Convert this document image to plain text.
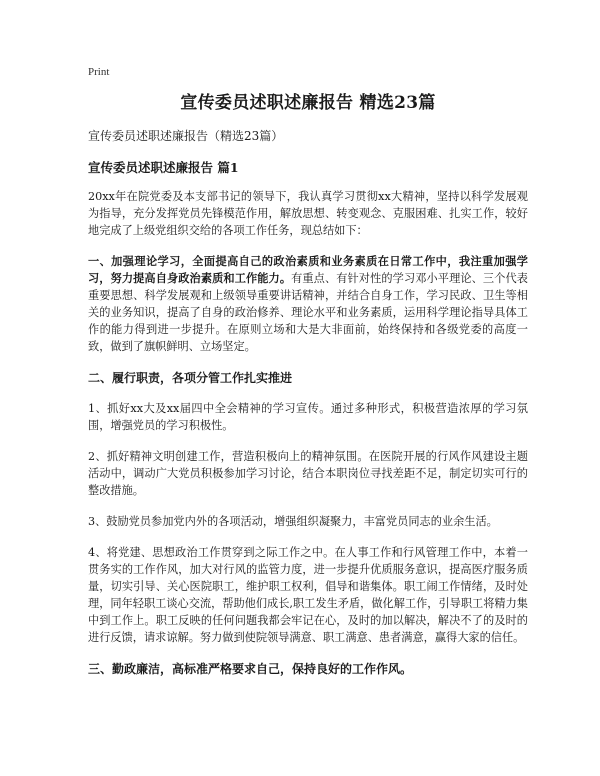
Print
宣传委员述职述廉报告 精选23篇
宣传委员述职述廉报告（精选23篇）
宣传委员述职述廉报告 篇1

20xx年在院党委及本支部书记的领导下，我认真学习贯彻xx大精神，坚持以科学发展观为指导，充分发挥党员先锋模范作用，解放思想、转变观念、克服困难、扎实工作，较好地完成了上级党组织交给的各项工作任务，现总结如下：

一、加强理论学习，全面提高自己的政治素质和业务素质在日常工作中，我注重加强学习，努力提高自身政治素质和工作能力。有重点、有针对性的学习邓小平理论、三个代表重要思想、科学发展观和上级领导重要讲话精神，并结合自身工作，学习民政、卫生等相关的业务知识，提高了自身的政治修养、理论水平和业务素质，运用科学理论指导具体工作的能力得到进一步提升。在原则立场和大是大非面前，始终保持和各级党委的高度一致，做到了旗帜鲜明、立场坚定。

二、履行职责，各项分管工作扎实推进

1、抓好xx大及xx届四中全会精神的学习宣传。通过多种形式，积极营造浓厚的学习氛围，增强党员的学习积极性。

2、抓好精神文明创建工作，营造积极向上的精神氛围。在医院开展的行风作风建设主题活动中，调动广大党员积极参加学习讨论，结合本职岗位寻找差距不足，制定切实可行的整改措施。

3、鼓励党员参加党内外的各项活动，增强组织凝聚力，丰富党员同志的业余生活。

4、将党建、思想政治工作贯穿到之际工作之中。在人事工作和行风管理工作中，本着一贯务实的工作作风，加大对行风的监管力度，进一步提升优质服务意识，提高医疗服务质量，切实引导、关心医院职工，维护职工权利，倡导和谐集体。职工闹工作情绪，及时处理，同年轻职工谈心交流，帮助他们成长,职工发生矛盾，做化解工作，引导职工将精力集中到工作上。职工反映的任何问题我都会牢记在心，及时的加以解决，解决不了的及时的进行反馈，请求谅解。努力做到使院领导满意、职工满意、患者满意，赢得大家的信任。

三、勤政廉洁，高标准严格要求自己，保持良好的工作作风。
